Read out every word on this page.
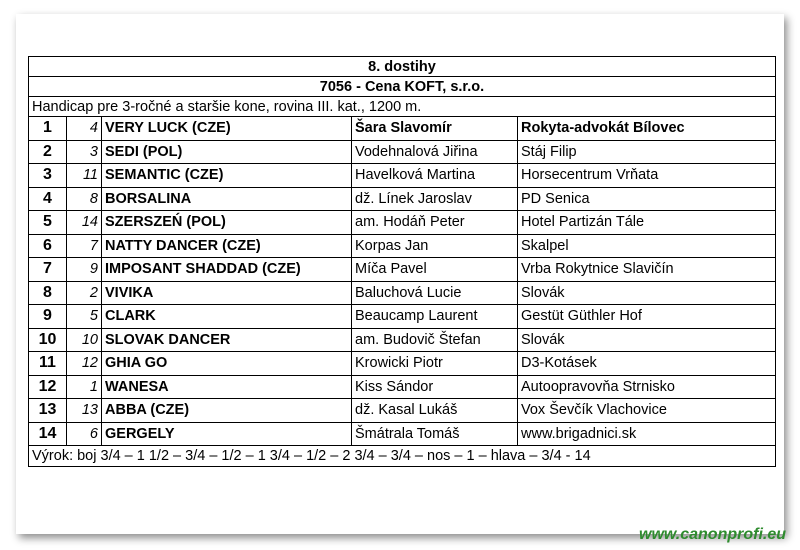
8. dostihy				
7056 - Cena KOFT, s.r.o.				
Handicap pre 3-ročné a staršie kone, rovina III. kat., 1200 m.				
1	4	VERY LUCK (CZE)	Šara Slavomír	Rokyta-advokát Bílovec
2	3	SEDI (POL)	Vodehnalová Jiřina	Stáj Filip
3	11	SEMANTIC (CZE)	Havelková Martina	Horsecentrum Vrňata
4	8	BORSALINA	dž. Línek Jaroslav	PD Senica
5	14	SZERSZEŃ (POL)	am. Hodáň Peter	Hotel Partizán Tále
6	7	NATTY DANCER (CZE)	Korpas Jan	Skalpel
7	9	IMPOSANT SHADDAD (CZE)	Míča Pavel	Vrba Rokytnice Slavičín
8	2	VIVIKA	Baluchová Lucie	Slovák
9	5	CLARK	Beaucamp Laurent	Gestüt Güthler Hof
10	10	SLOVAK DANCER	am. Budovič Štefan	Slovák
11	12	GHIA GO	Krowicki Piotr	D3-Kotásek
12	1	WANESA	Kiss Sándor	Autoopravovňa Strnisko
13	13	ABBA (CZE)	dž. Kasal Lukáš	Vox Ševčík Vlachovice
14	6	GERGELY	Šmátrala Tomáš	www.brigadnici.sk
Výrok: boj 3/4 – 1 1/2 – 3/4 – 1/2 – 1 3/4 – 1/2 – 2 3/4 – 3/4 – nos – 1 – hlava – 3/4 - 14				
www.canonprofi.eu
